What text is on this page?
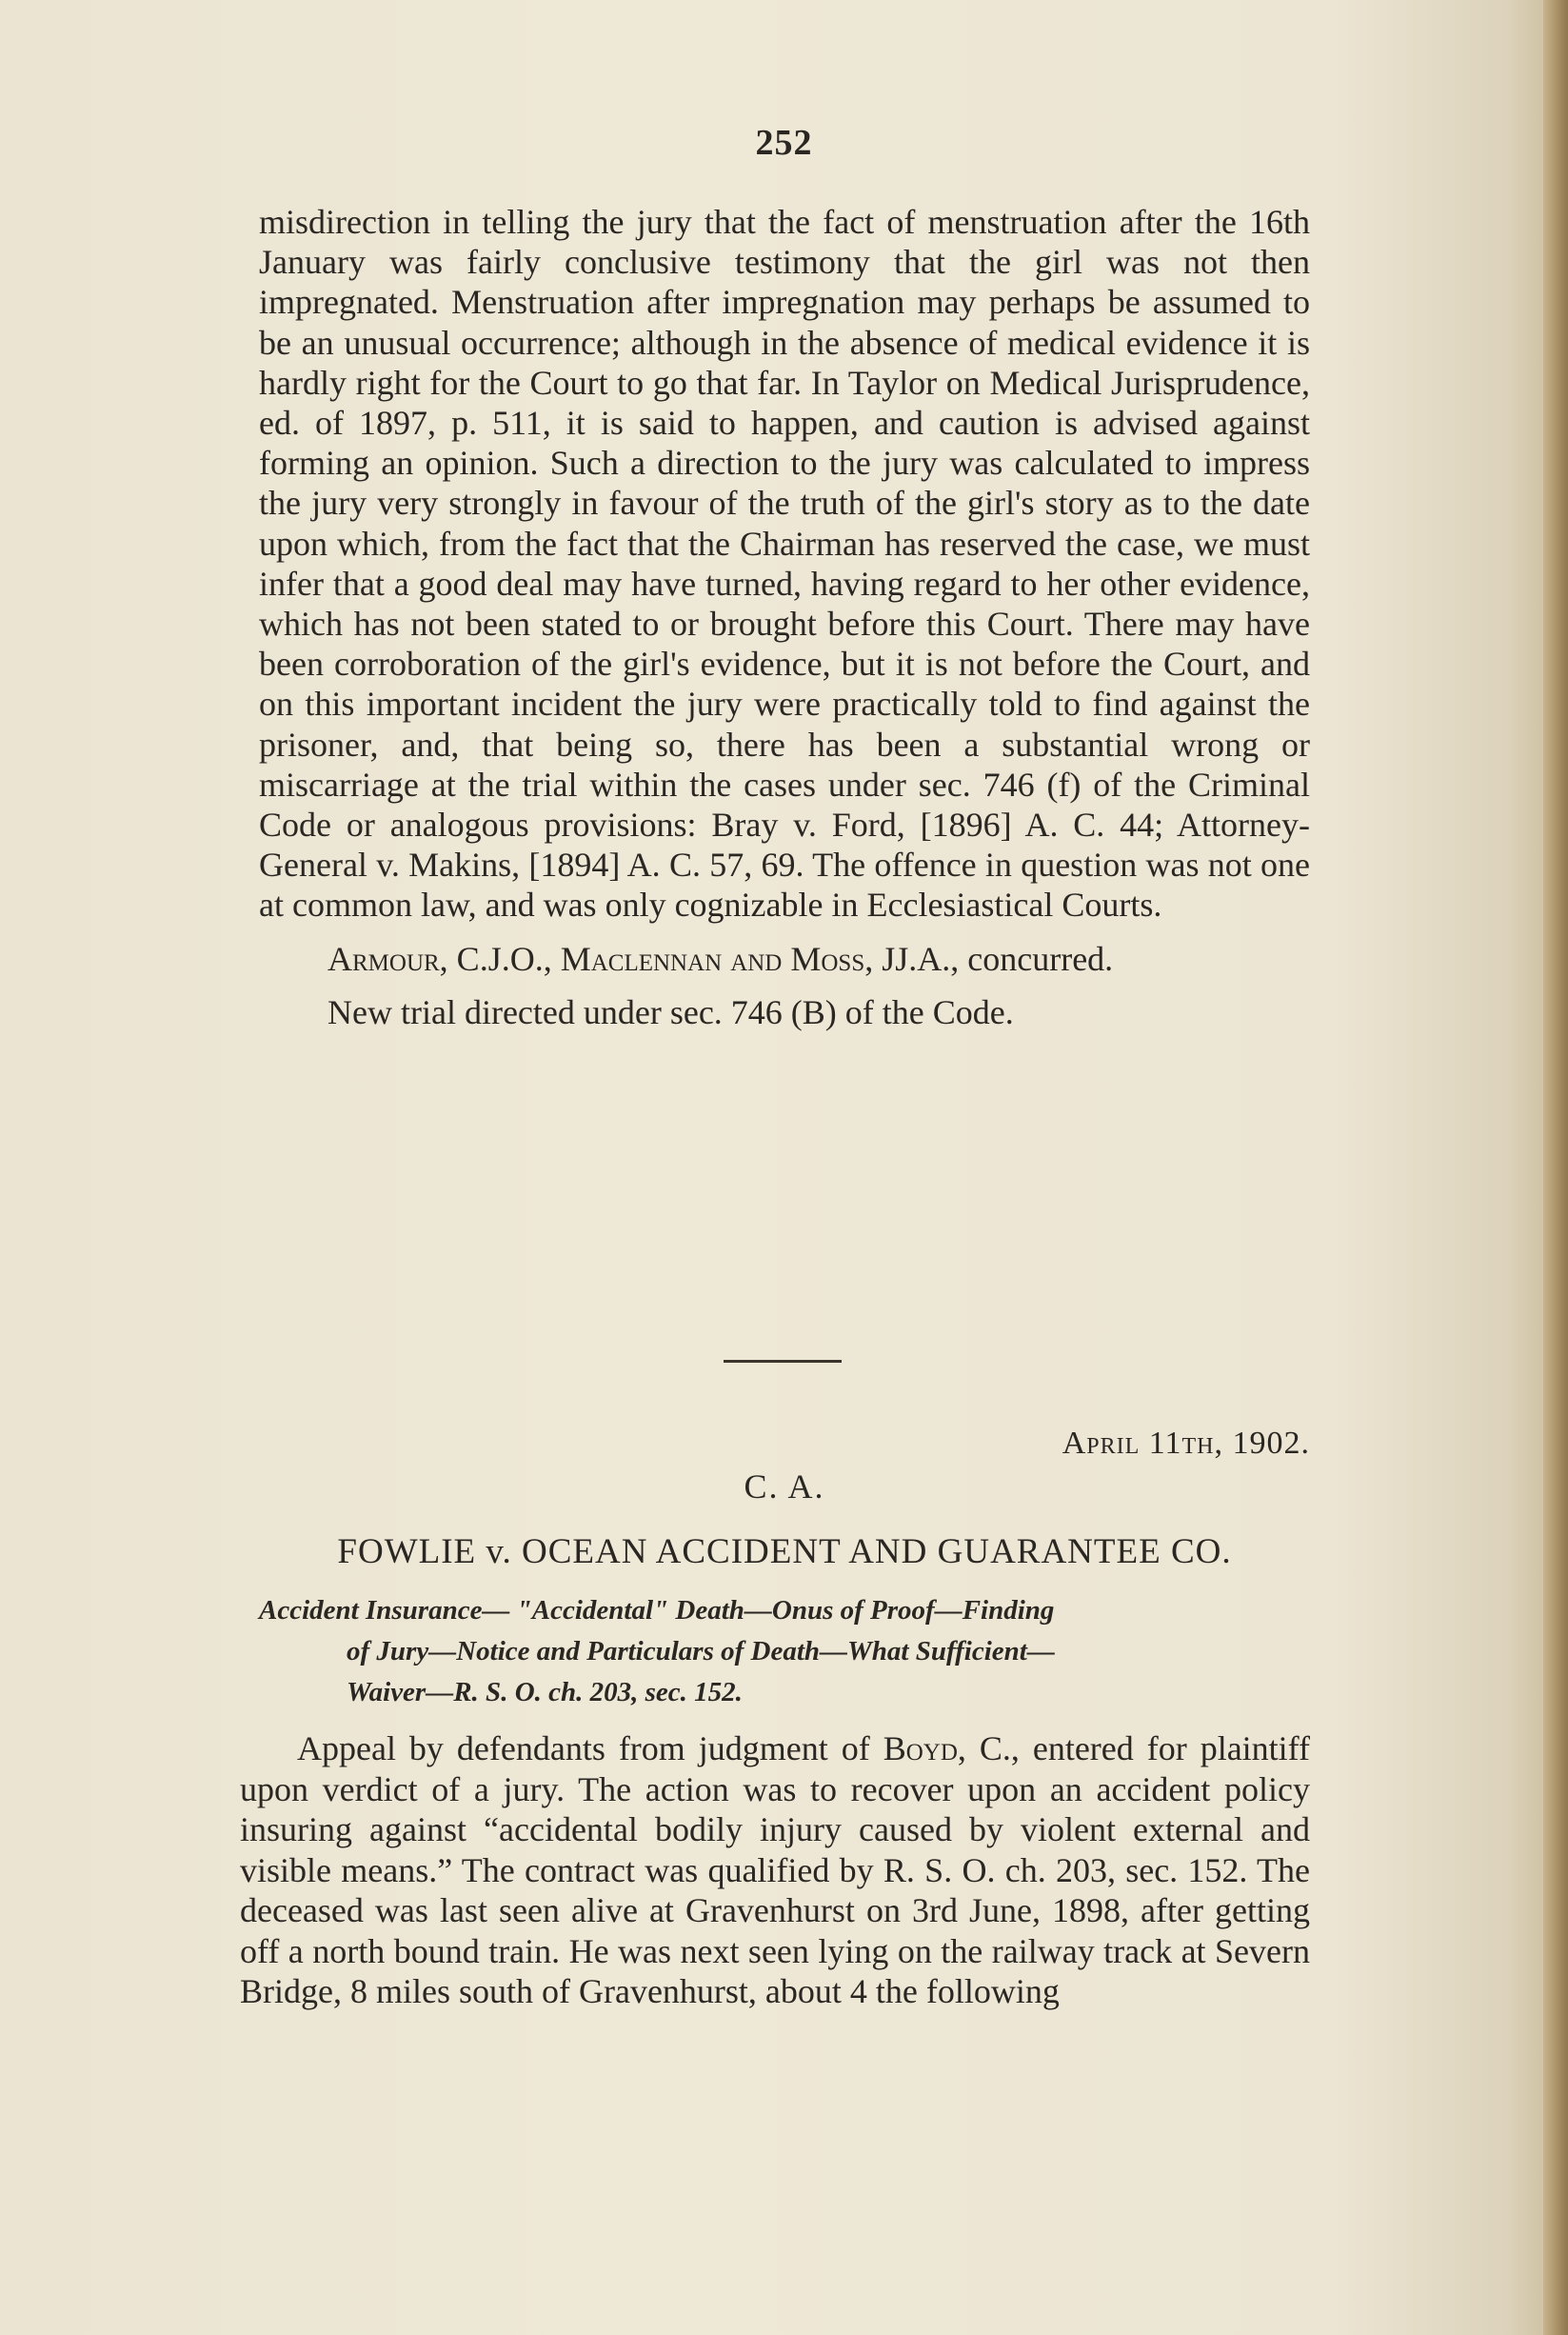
252

misdirection in telling the jury that the fact of menstruation after the 16th January was fairly conclusive testimony that the girl was not then impregnated. Menstruation after impregnation may perhaps be assumed to be an unusual occurrence; although in the absence of medical evidence it is hardly right for the Court to go that far. In Taylor on Medical Jurisprudence, ed. of 1897, p. 511, it is said to happen, and caution is advised against forming an opinion. Such a direction to the jury was calculated to impress the jury very strongly in favour of the truth of the girl's story as to the date upon which, from the fact that the Chairman has reserved the case, we must infer that a good deal may have turned, having regard to her other evidence, which has not been stated to or brought before this Court. There may have been corroboration of the girl's evidence, but it is not before the Court, and on this important incident the jury were practically told to find against the prisoner, and, that being so, there has been a substantial wrong or miscarriage at the trial within the cases under sec. 746 (f) of the Criminal Code or analogous provisions: Bray v. Ford, [1896] A. C. 44; Attorney-General v. Makins, [1894] A. C. 57, 69. The offence in question was not one at common law, and was only cognizable in Ecclesiastical Courts.

Armour, C.J.O., Maclennan and Moss, JJ.A., concurred.

New trial directed under sec. 746 (B) of the Code.

April 11th, 1902.
C. A.
FOWLIE v. OCEAN ACCIDENT AND GUARANTEE CO.
Accident Insurance— "Accidental" Death—Onus of Proof—Finding
of Jury—Notice and Particulars of Death—What Sufficient—
Waiver—R. S. O. ch. 203, sec. 152.
Appeal by defendants from judgment of Boyd, C., entered for plaintiff upon verdict of a jury. The action was to recover upon an accident policy insuring against “accidental bodily injury caused by violent external and visible means.” The contract was qualified by R. S. O. ch. 203, sec. 152. The deceased was last seen alive at Gravenhurst on 3rd June, 1898, after getting off a north bound train. He was next seen lying on the railway track at Severn Bridge, 8 miles south of Gravenhurst, about 4 the following
